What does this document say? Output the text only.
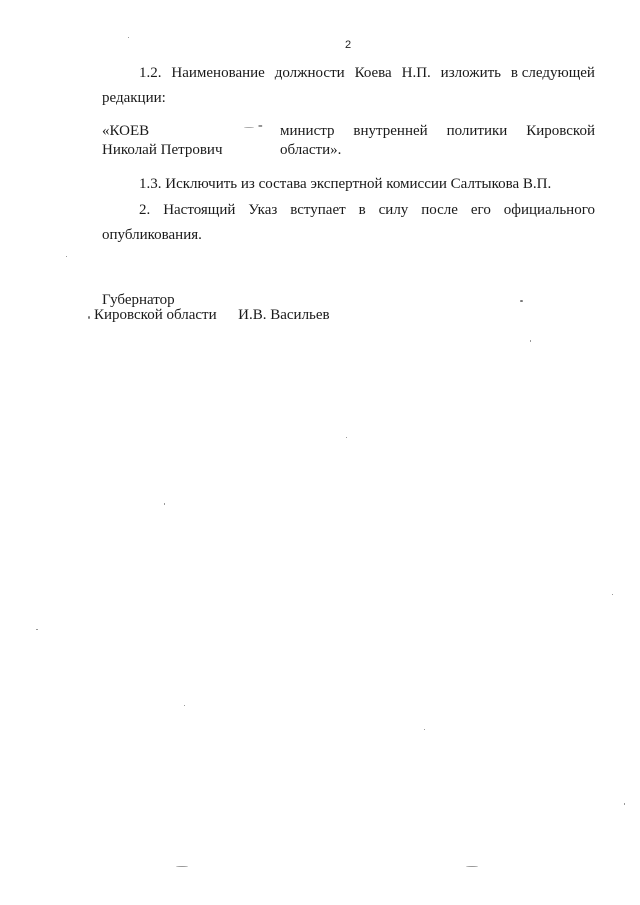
2
1.2. Наименование должности Коева Н.П. изложить в следующей
редакции:
«КОЕВ
Николай Петрович
- министр внутренней политики Кировской
области».
1.3. Исключить из состава экспертной комиссии Салтыкова В.П.
2. Настоящий Указ вступает в силу после его официального
опубликования.
Губернатор
Кировской области И.В. Васильев
